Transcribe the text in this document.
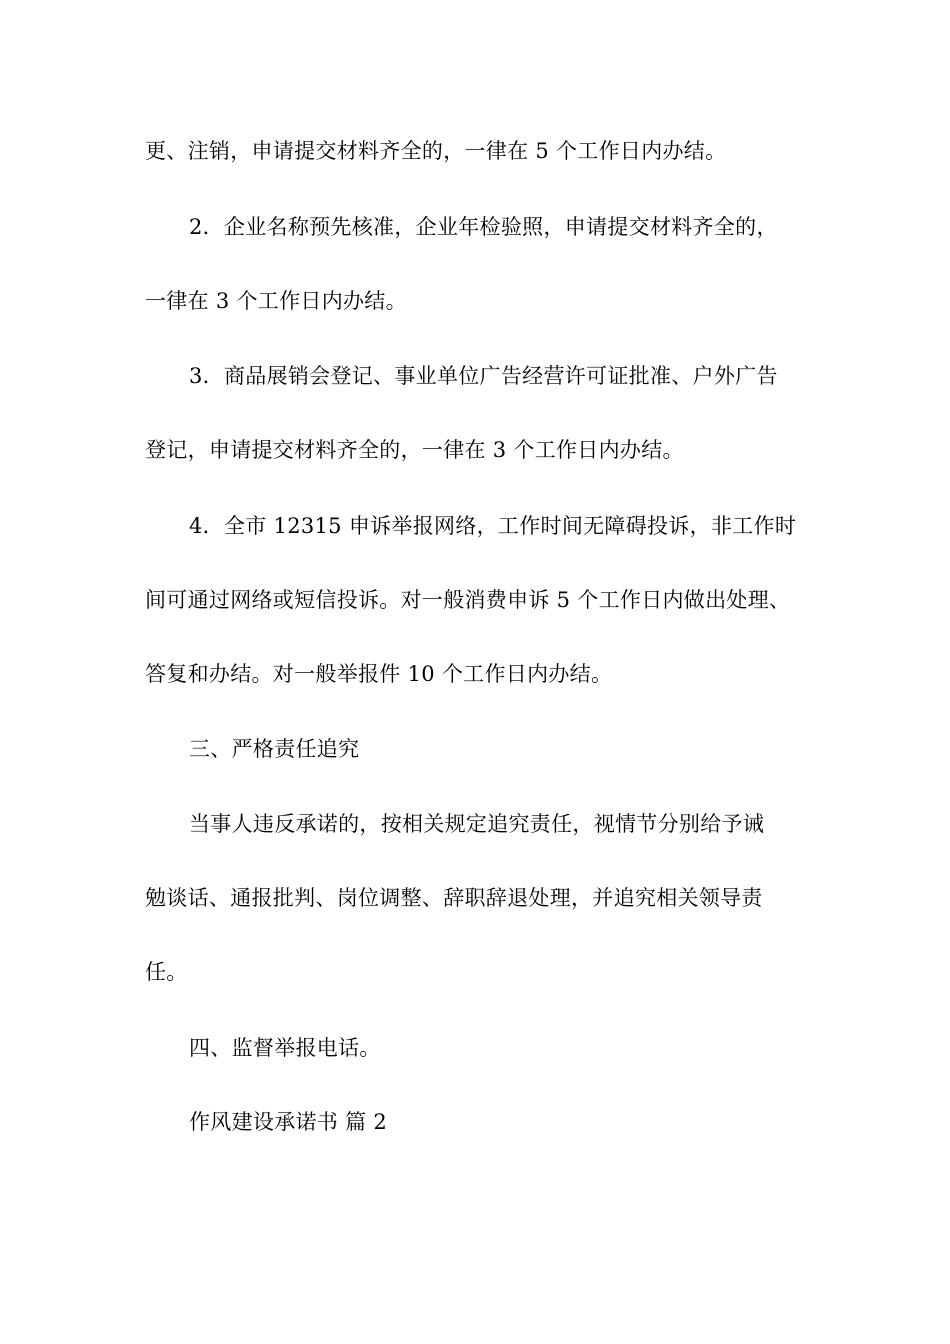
更、注销，申请提交材料齐全的，一律在 5 个工作日内办结。
2．企业名称预先核准，企业年检验照，申请提交材料齐全的，
一律在 3 个工作日内办结。
3．商品展销会登记、事业单位广告经营许可证批准、户外广告
登记，申请提交材料齐全的，一律在 3 个工作日内办结。
4．全市 12315 申诉举报网络，工作时间无障碍投诉，非工作时
间可通过网络或短信投诉。对一般消费申诉 5 个工作日内做出处理、
答复和办结。对一般举报件 10 个工作日内办结。
三、严格责任追究
当事人违反承诺的，按相关规定追究责任，视情节分别给予诫
勉谈话、通报批判、岗位调整、辞职辞退处理，并追究相关领导责
任。
四、监督举报电话。
作风建设承诺书 篇 2
